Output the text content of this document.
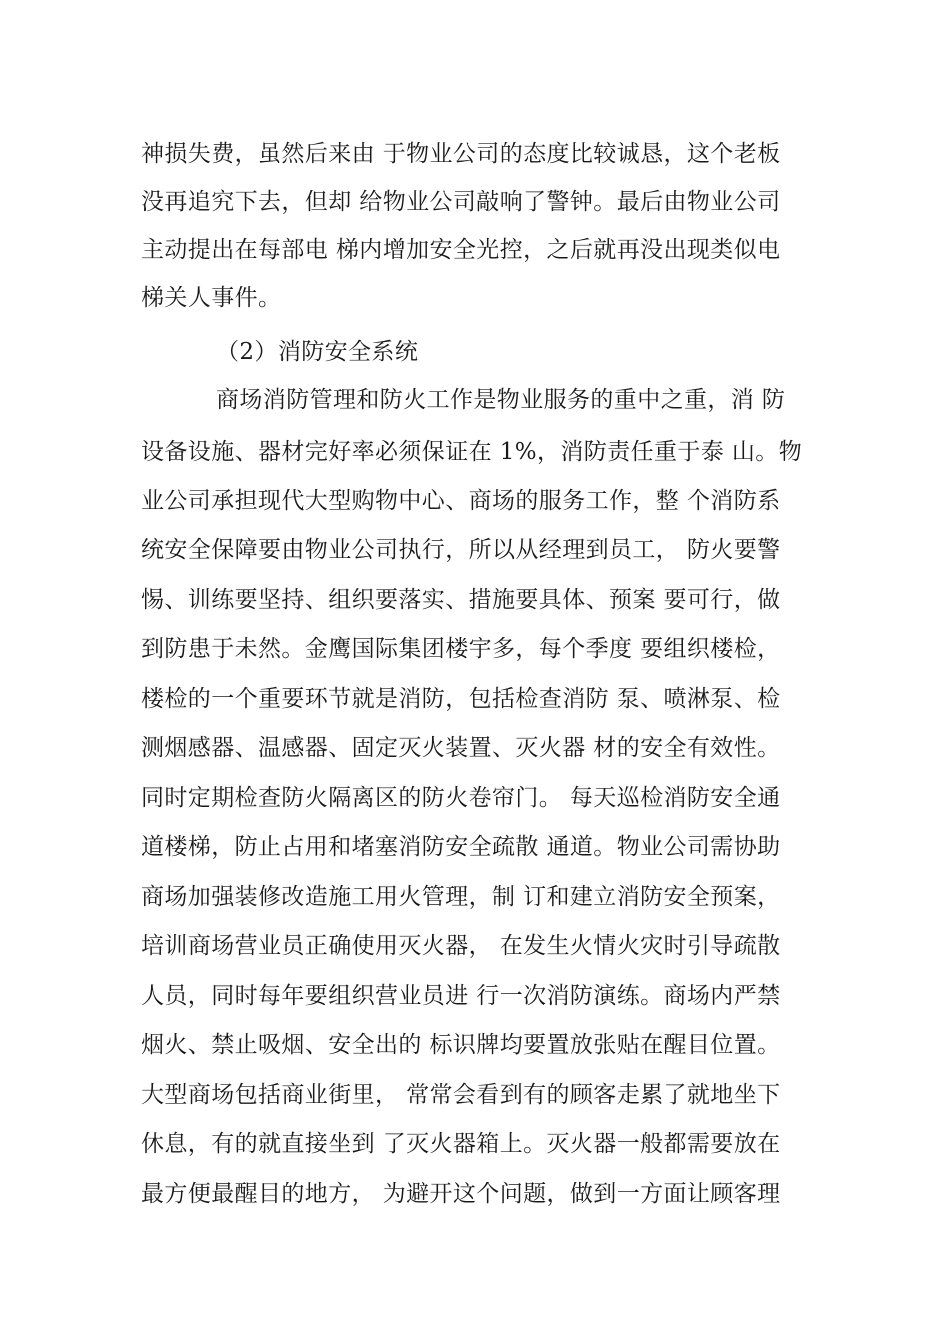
神损失费，虽然后来由 于物业公司的态度比较诚恳，这个老板
没再追究下去，但却 给物业公司敲响了警钟。最后由物业公司
主动提出在每部电 梯内增加安全光控，之后就再没出现类似电
梯关人事件。
（2）消防安全系统
商场消防管理和防火工作是物业服务的重中之重，消 防
设备设施、器材完好率必须保证在 1%，消防责任重于泰 山。物
业公司承担现代大型购物中心、商场的服务工作，整 个消防系
统安全保障要由物业公司执行，所以从经理到员工， 防火要警
惕、训练要坚持、组织要落实、措施要具体、预案 要可行，做
到防患于未然。金鹰国际集团楼宇多，每个季度 要组织楼检，
楼检的一个重要环节就是消防，包括检查消防 泵、喷淋泵、检
测烟感器、温感器、固定灭火装置、灭火器 材的安全有效性。
同时定期检查防火隔离区的防火卷帘门。 每天巡检消防安全通
道楼梯，防止占用和堵塞消防安全疏散 通道。物业公司需协助
商场加强装修改造施工用火管理，制 订和建立消防安全预案，
培训商场营业员正确使用灭火器， 在发生火情火灾时引导疏散
人员，同时每年要组织营业员进 行一次消防演练。商场内严禁
烟火、禁止吸烟、安全出的 标识牌均要置放张贴在醒目位置。
大型商场包括商业街里， 常常会看到有的顾客走累了就地坐下
休息，有的就直接坐到 了灭火器箱上。灭火器一般都需要放在
最方便最醒目的地方， 为避开这个问题，做到一方面让顾客理
